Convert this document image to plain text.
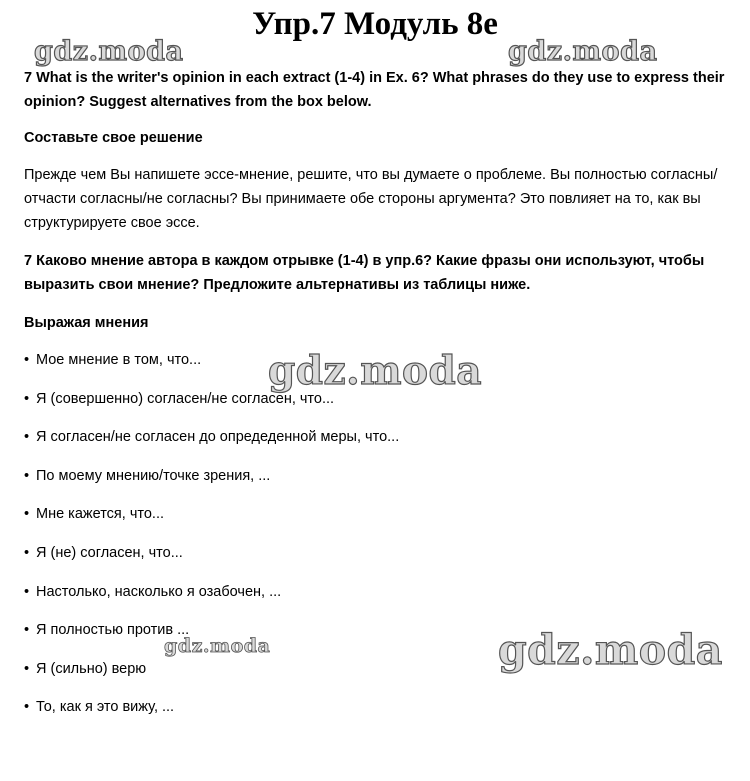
Упр.7 Модуль 8е
gdz.moda	gdz.moda

7 What is the writer's opinion in each extract (1-4) in Ex. 6? What phrases do they use to express their opinion? Suggest alternatives from the box below.

Составьте свое решение

Прежде чем Вы напишете эссе-мнение, решите, что вы думаете о проблеме. Вы полностью согласны/отчасти согласны/не согласны? Вы принимаете обе стороны аргумента? Это повлияет на то, как вы структурируете свое эссе.

7 Каково мнение автора в каждом отрывке (1-4) в упр.6? Какие фразы они используют, чтобы выразить свои мнение? Предложите альтернативы из таблицы ниже.

Выражая мнения

• Мое мнение в том, что...
• Я (совершенно) согласен/не согласен, что...
• Я согласен/не согласен до опредеденной меры, что...
• По моему мнению/точке зрения, ...
• Мне кажется, что...
• Я (не) согласен, что...
• Настолько, насколько я озабочен, ...
• Я полностью против ...
• Я (сильно) верю
• То, как я это вижу, ...
gdz.moda
gdz.moda	gdz.moda
